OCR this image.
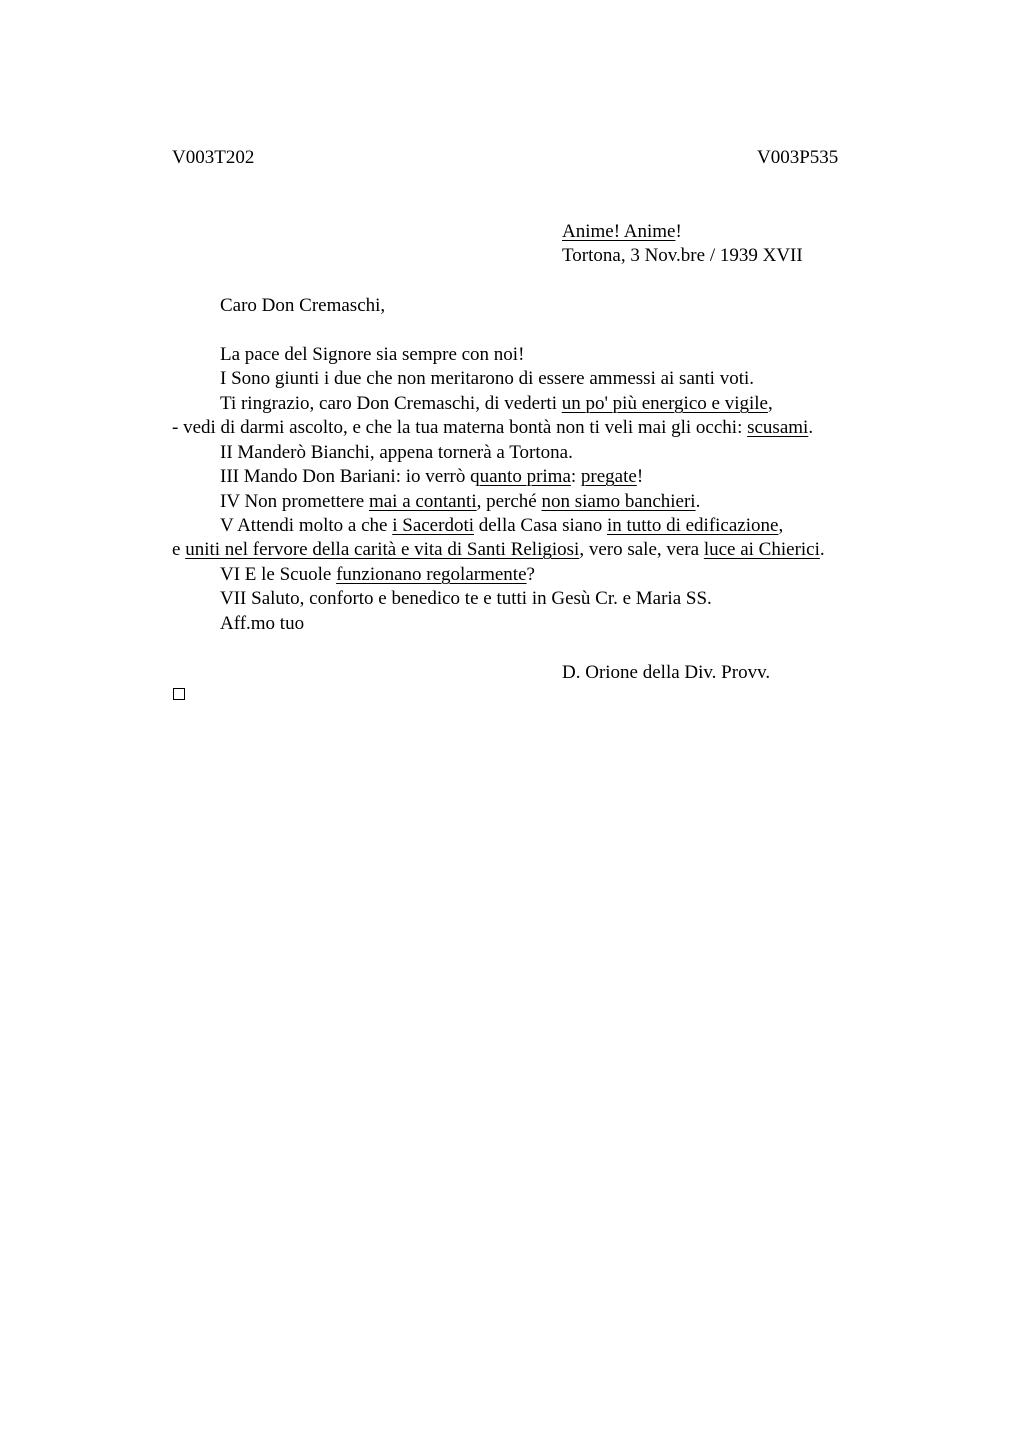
V003T202	V003P535
Anime! Anime!
Tortona, 3 Nov.bre / 1939 XVII
Caro Don Cremaschi,
La pace del Signore sia sempre con noi!
I Sono giunti i due che non meritarono di essere ammessi ai santi voti.
Ti ringrazio, caro Don Cremaschi, di vederti un po' più energico e vigile,
- vedi di darmi ascolto, e che la tua materna bontà non ti veli mai gli occhi: scusami.
II Manderò Bianchi, appena tornerà a Tortona.
III Mando Don Bariani: io verrò quanto prima: pregate!
IV Non promettere mai a contanti, perché non siamo banchieri.
V Attendi molto a che i Sacerdoti della Casa siano in tutto di edificazione,
e uniti nel fervore della carità e vita di Santi Religiosi, vero sale, vera luce ai Chierici.
VI E le Scuole funzionano regolarmente?
VII Saluto, conforto e benedico te e tutti in Gesù Cr. e Maria SS.
Aff.mo tuo
D. Orione della Div. Provv.
